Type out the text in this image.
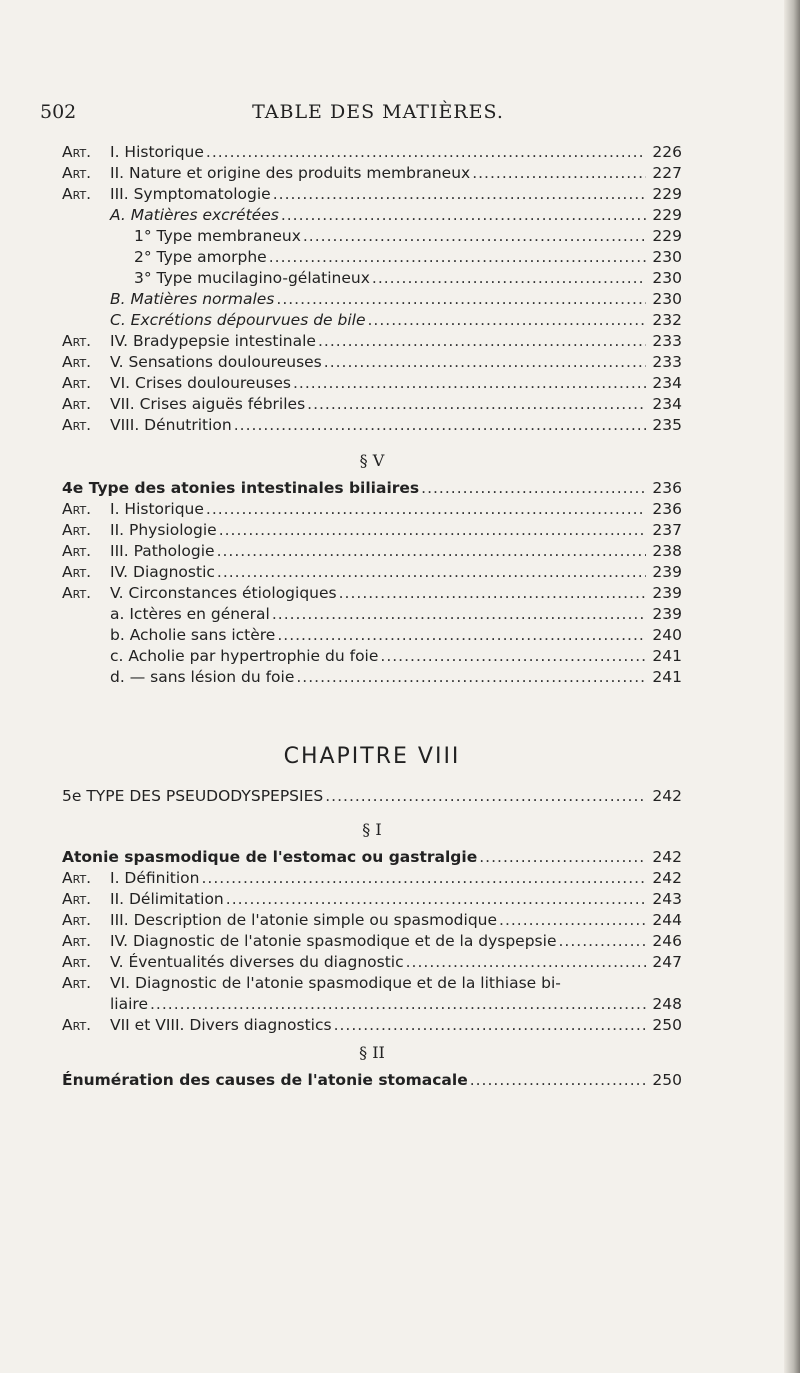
502	TABLE DES MATIÈRES.
Art. I. Historique .....	226
Art. II. Nature et origine des produits membraneux .....	227
Art. III. Symptomatologie .....	229
A. Matières excrétées .....	229
1° Type membraneux .....	229
2° Type amorphe .....	230
3° Type mucilagino-gélatineux .....	230
B. Matières normales .....	230
C. Excrétions dépourvues de bile .....	232
Art. IV. Bradypepsie intestinale .....	233
Art. V. Sensations douloureuses .....	233
Art. VI. Crises douloureuses .....	234
Art. VII. Crises aiguës fébriles .....	234
Art. VIII. Dénutrition .....	235
§ V
4e Type des atonies intestinales biliaires .....	236
Art. I. Historique .....	236
Art. II. Physiologie .....	237
Art. III. Pathologie .....	238
Art. IV. Diagnostic .....	239
Art. V. Circonstances étiologiques .....	239
a. Ictères en géneral .....	239
b. Acholie sans ictère .....	240
c. Acholie par hypertrophie du foie .....	241
d. — sans lésion du foie .....	241
CHAPITRE VIII
5e TYPE DES PSEUDODYSPEPSIES .....	242
§ I
Atonie spasmodique de l'estomac ou gastralgie .....	242
Art. I. Définition .....	242
Art. II. Délimitation .....	243
Art. III. Description de l'atonie simple ou spasmodique .....	244
Art. IV. Diagnostic de l'atonie spasmodique et de la dyspepsie .....	246
Art. V. Éventualités diverses du diagnostic .....	247
Art. VI. Diagnostic de l'atonie spasmodique et de la lithiase bi-
liaire .....	248
Art. VII et VIII. Divers diagnostics .....	250
§ II
Énumération des causes de l'atonie stomacale .....	250
